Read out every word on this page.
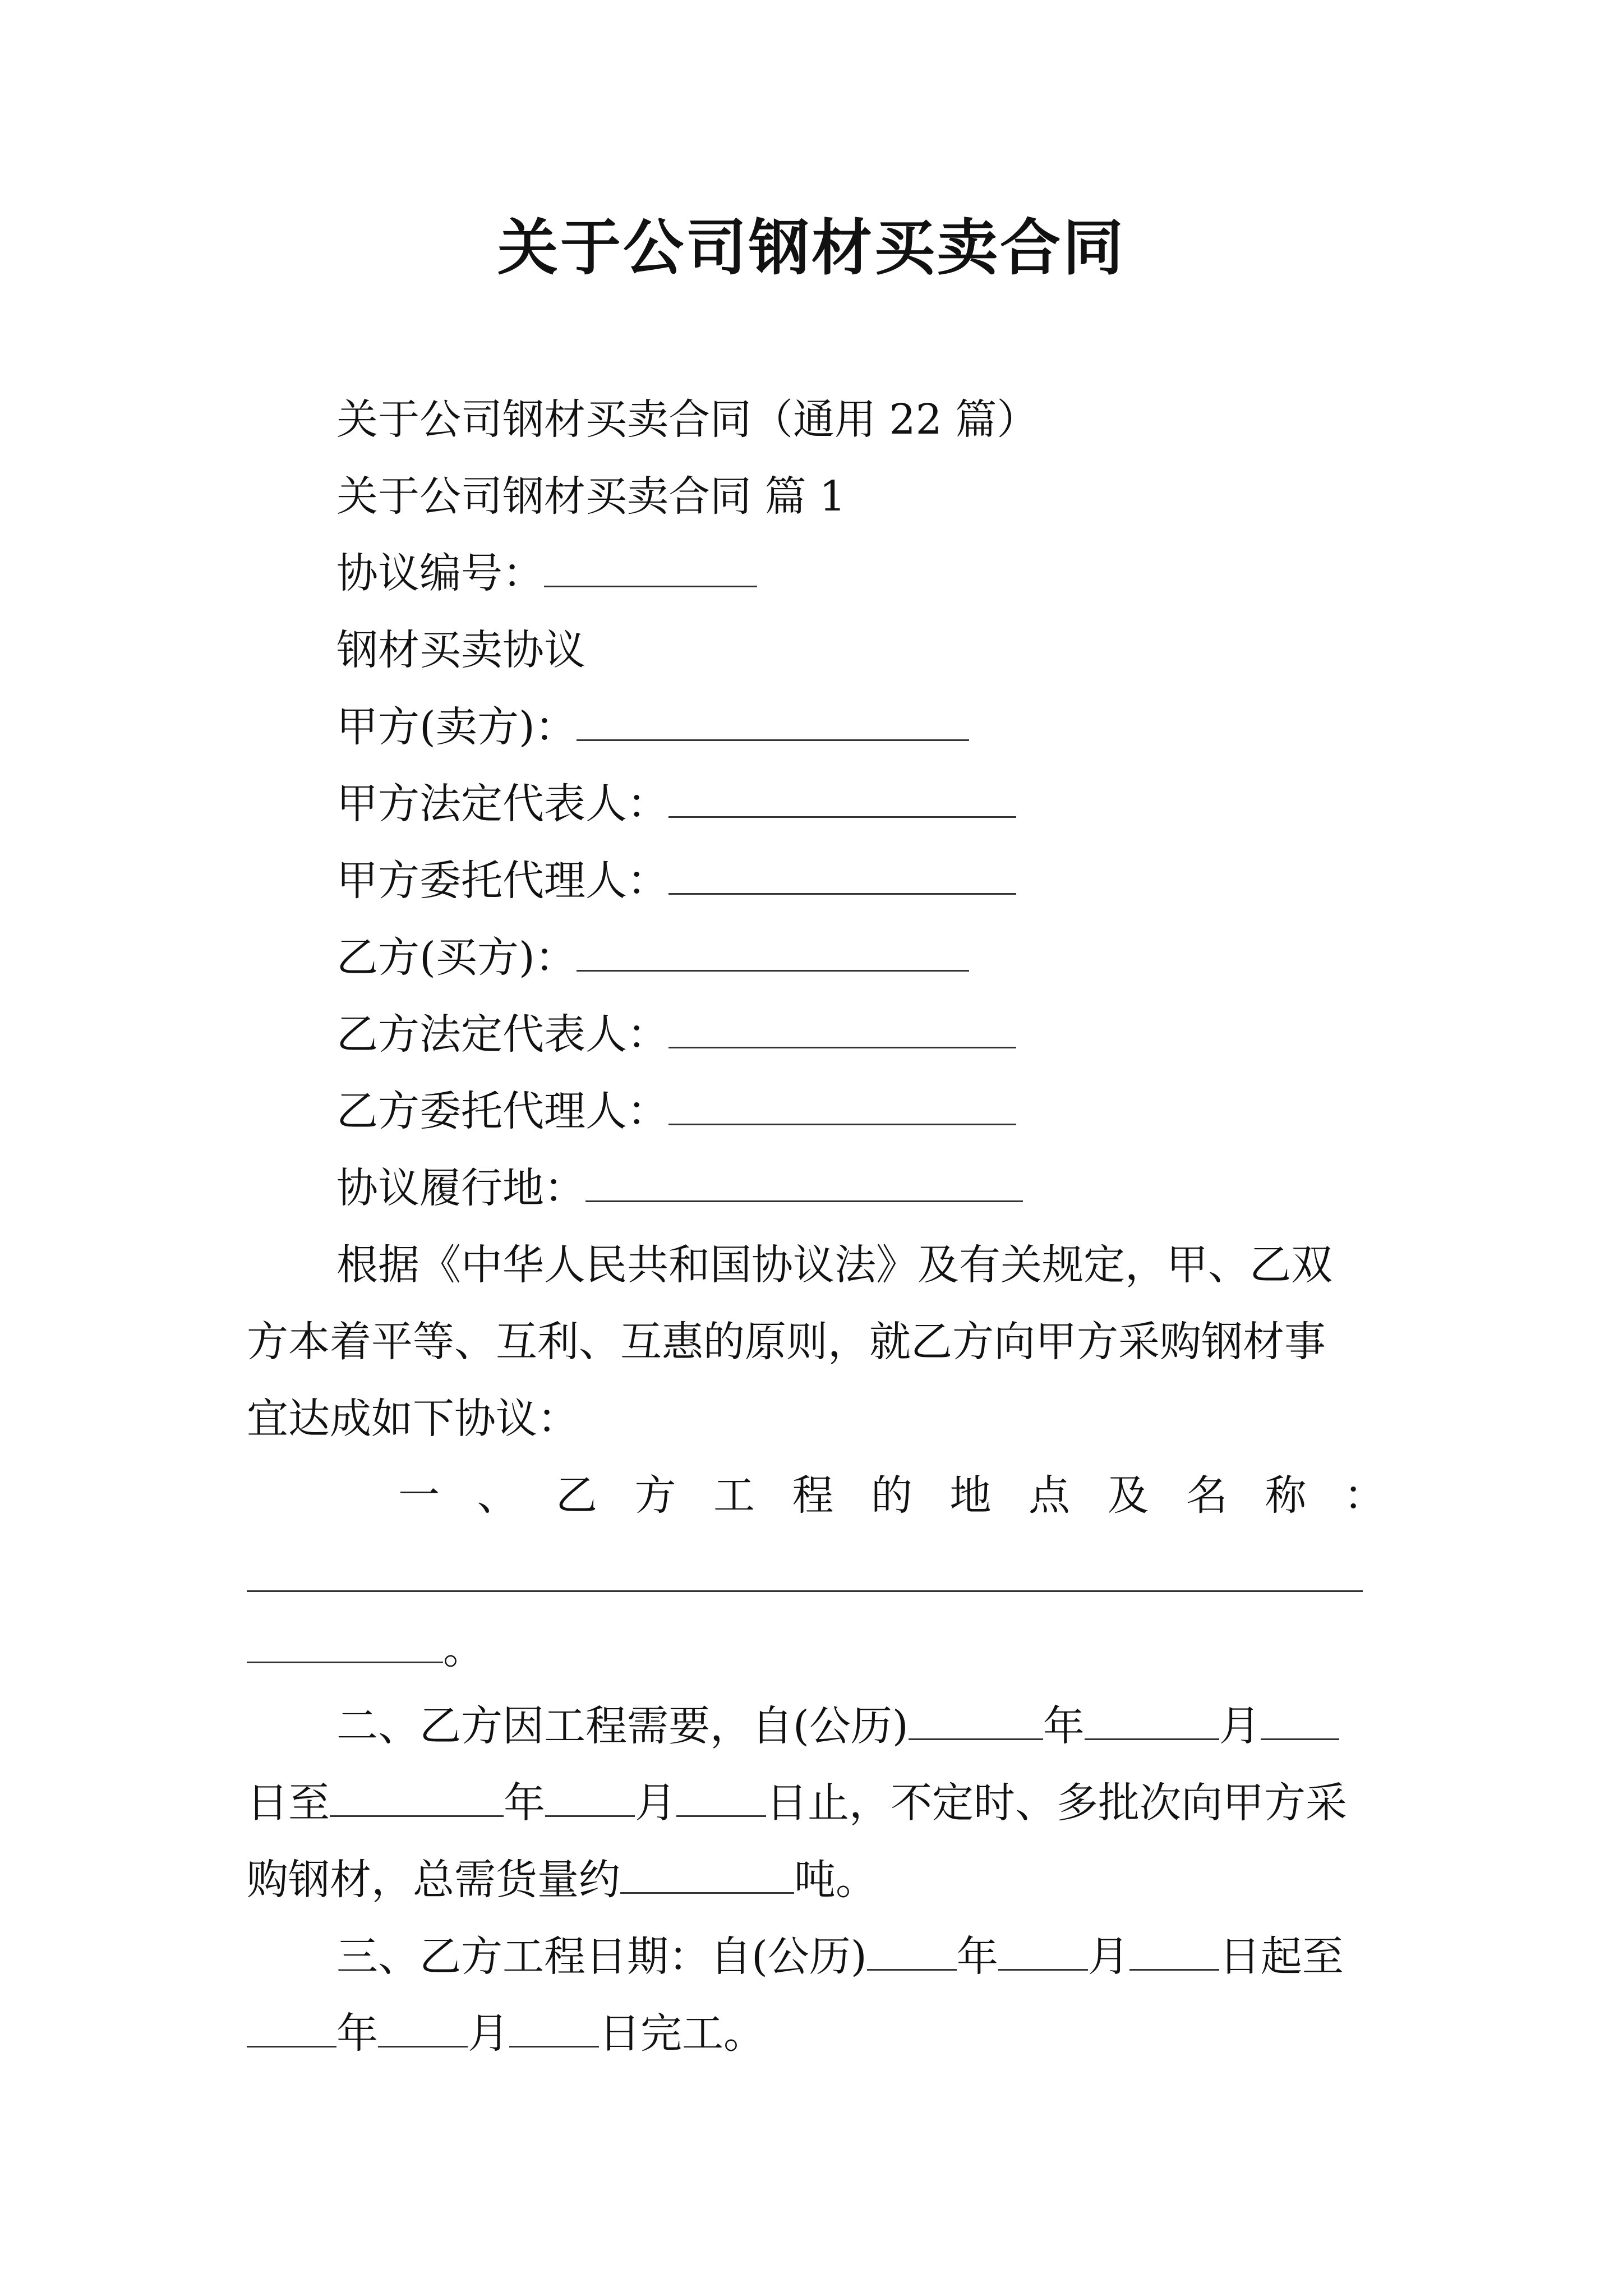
关于公司钢材买卖合同
关于公司钢材买卖合同（通用 22 篇）
关于公司钢材买卖合同 篇 1
协议编号：
钢材买卖协议
甲方(卖方)：
甲方法定代表人：
甲方委托代理人：
乙方(买方)：
乙方法定代表人：
乙方委托代理人：
协议履行地：
根据《中华人民共和国协议法》及有关规定，甲、乙双
方本着平等、互利、互惠的原则，就乙方向甲方采购钢材事
宜达成如下协议：
一 、 乙 方 工 程 的 地 点 及 名 称 ：
。
二、乙方因工程需要，自(公历)	年	月
日至	年 月 日止，不定时、多批次向甲方采
购钢材，总需货量约	吨。
三、乙方工程日期：自(公历) 年 月 日起至
年 月 日完工。
